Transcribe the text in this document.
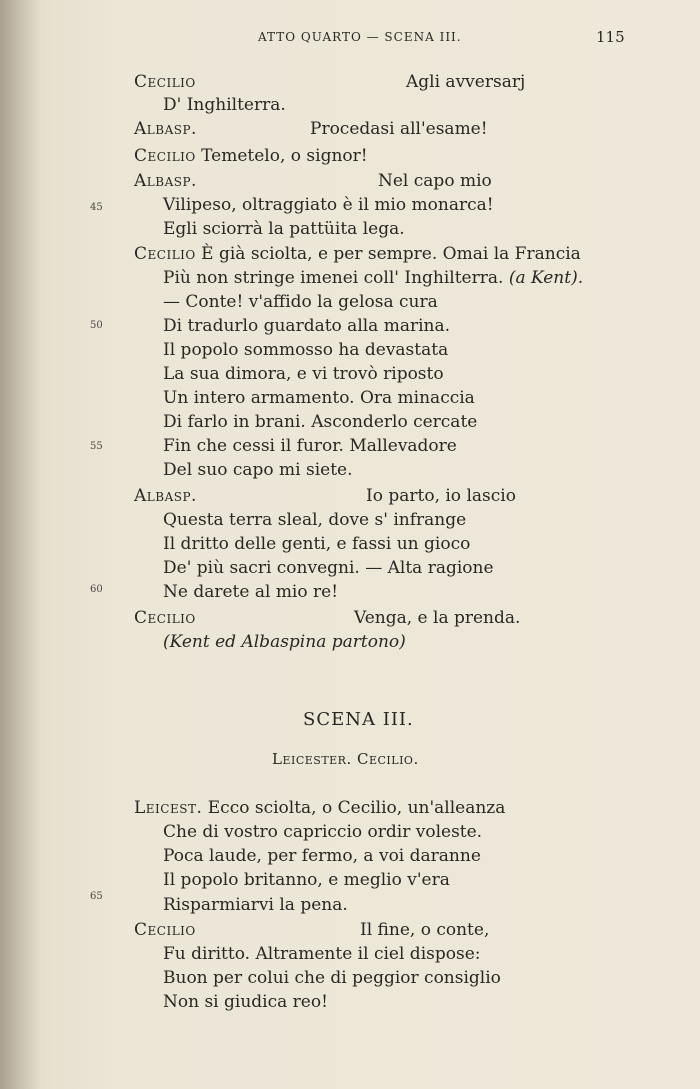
ATTO QUARTO — SCENA III.	115
45
50
55
60
65
Cecilio	Agli avversarj
D' Inghilterra.
Albasp.	Procedasi all'esame!
Cecilio Temetelo, o signor!
Albasp.	Nel capo mio
Vilipeso, oltraggiato è il mio monarca!
Egli sciorrà la pattüita lega.
Cecilio È già sciolta, e per sempre. Omai la Francia
Più non stringe imenei coll' Inghilterra. (a Kent).
— Conte! v'affido la gelosa cura
Di tradurlo guardato alla marina.
Il popolo sommosso ha devastata
La sua dimora, e vi trovò riposto
Un intero armamento. Ora minaccia
Di farlo in brani. Asconderlo cercate
Fin che cessi il furor. Mallevadore
Del suo capo mi siete.
Albasp.	Io parto, io lascio
Questa terra sleal, dove s' infrange
Il dritto delle genti, e fassi un gioco
De' più sacri convegni. — Alta ragione
Ne darete al mio re!
Cecilio	Venga, e la prenda.
(Kent ed Albaspina partono)
SCENA III.
Leicester. Cecilio.
Leicest. Ecco sciolta, o Cecilio, un'alleanza
Che di vostro capriccio ordir voleste.
Poca laude, per fermo, a voi daranne
Il popolo britanno, e meglio v'era
Risparmiarvi la pena.
Cecilio	Il fine, o conte,
Fu diritto. Altramente il ciel dispose:
Buon per colui che di peggior consiglio
Non si giudica reo!
